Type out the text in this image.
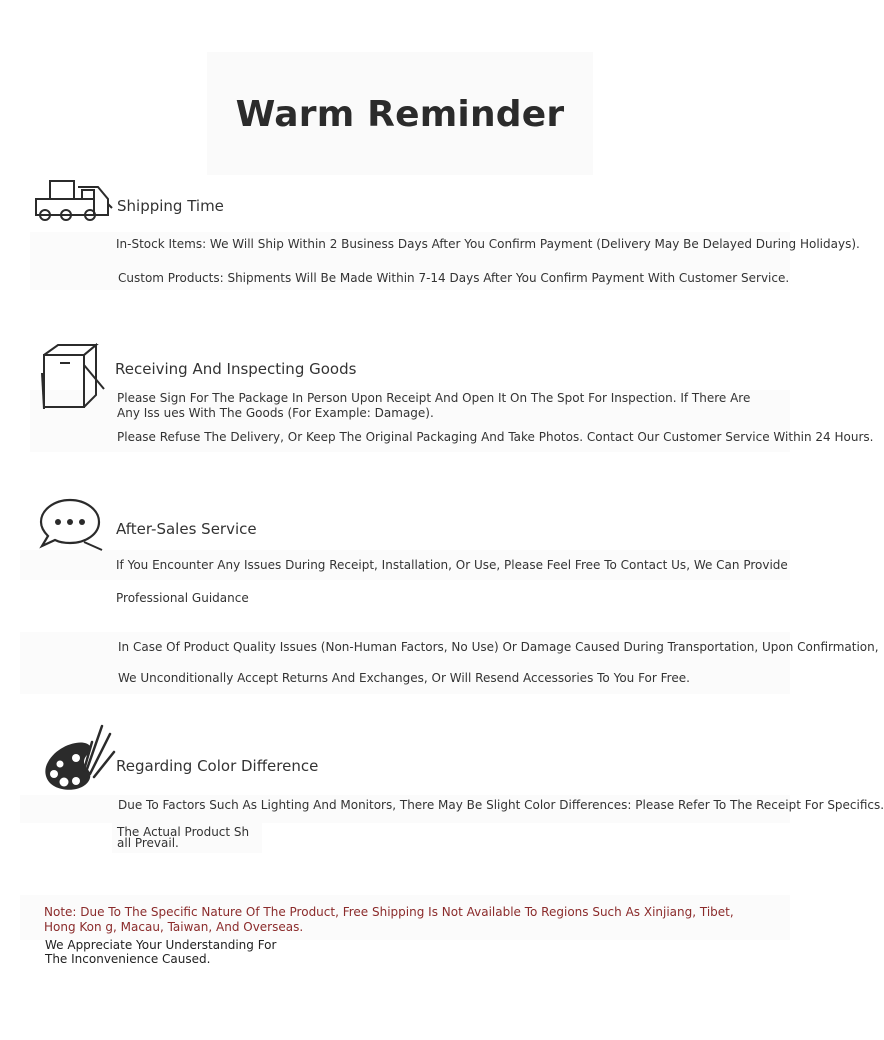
Warm Reminder
Shipping Time
In-Stock Items: We Will Ship Within 2 Business Days After You Confirm Payment (Delivery May Be Delayed During Holidays).
Custom Products: Shipments Will Be Made Within 7-14 Days After You Confirm Payment With Customer Service.
Receiving And Inspecting Goods
Please Sign For The Package In Person Upon Receipt And Open It On The Spot For Inspection. If There Are Any Iss ues With The Goods (For Example: Damage).
Please Refuse The Delivery, Or Keep The Original Packaging And Take Photos. Contact Our Customer Service Within 24 Hours.
After-Sales Service
If You Encounter Any Issues During Receipt, Installation, Or Use, Please Feel Free To Contact Us, We Can Provide
Professional Guidance
In Case Of Product Quality Issues (Non-Human Factors, No Use) Or Damage Caused During Transportation, Upon Confirmation,
We Unconditionally Accept Returns And Exchanges, Or Will Resend Accessories To You For Free.
Regarding Color Difference
Due To Factors Such As Lighting And Monitors, There May Be Slight Color Differences: Please Refer To The Receipt For Specifics.
The Actual Product Sh
all Prevail.
Note: Due To The Specific Nature Of The Product, Free Shipping Is Not Available To Regions Such As Xinjiang, Tibet, Hong Kon g, Macau, Taiwan, And Overseas.
We Appreciate Your Understanding For
The Inconvenience Caused.
